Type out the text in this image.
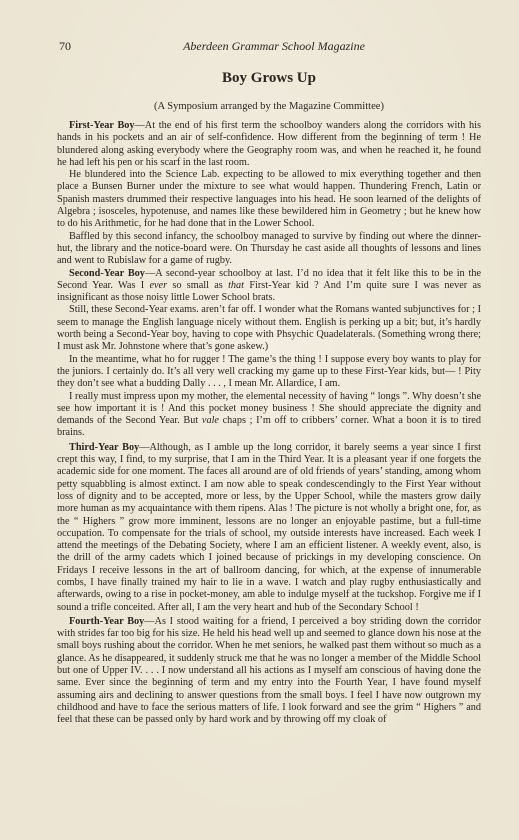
70	Aberdeen Grammar School Magazine
Boy Grows Up

(A Symposium arranged by the Magazine Committee)

First-Year Boy—At the end of his first term the schoolboy wanders along the corridors with his hands in his pockets and an air of self-confidence. How different from the beginning of term ! He blundered along asking everybody where the Geography room was, and when he reached it, he found he had left his pen or his scarf in the last room.

He blundered into the Science Lab. expecting to be allowed to mix everything together and then place a Bunsen Burner under the mixture to see what would happen. Thundering French, Latin or Spanish masters drummed their respective languages into his head. He soon learned of the delights of Algebra ; isosceles, hypotenuse, and names like these bewildered him in Geometry ; but he knew how to do his Arithmetic, for he had done that in the Lower School.

Baffled by this second infancy, the schoolboy managed to survive by finding out where the dinner-hut, the library and the notice-board were. On Thursday he cast aside all thoughts of lessons and lines and went to Rubislaw for a game of rugby.

Second-Year Boy—A second-year schoolboy at last. I’d no idea that it felt like this to be in the Second Year. Was I ever so small as that First-Year kid ? And I’m quite sure I was never as insignificant as those noisy little Lower School brats.

Still, these Second-Year exams. aren’t far off. I wonder what the Romans wanted subjunctives for ; I seem to manage the English language nicely without them. English is perking up a bit; but, it’s hardly worth being a Second-Year boy, having to cope with Phsychic Quadelaterals. (Something wrong there; I must ask Mr. Johnstone where that’s gone askew.)

In the meantime, what ho for rugger ! The game’s the thing ! I suppose every boy wants to play for the juniors. I certainly do. It’s all very well cracking my game up to these First-Year kids, but— ! Pity they don’t see what a budding Dally . . . , I mean Mr. Allardice, I am.

I really must impress upon my mother, the elemental necessity of having “ longs ”. Why doesn’t she see how important it is ! And this pocket money business ! She should appreciate the dignity and demands of the Second Year. But vale chaps ; I’m off to cribbers’ corner. What a boon it is to tired brains.

Third-Year Boy—Although, as I amble up the long corridor, it barely seems a year since I first crept this way, I find, to my surprise, that I am in the Third Year. It is a pleasant year if one forgets the academic side for one moment. The faces all around are of old friends of years’ standing, among whom petty squabbling is almost extinct. I am now able to speak condescendingly to the First Year without loss of dignity and to be accepted, more or less, by the Upper School, while the masters grow daily more human as my acquaintance with them ripens. Alas ! The picture is not wholly a bright one, for, as the “ Highers ” grow more imminent, lessons are no longer an enjoyable pastime, but a full-time occupation. To compensate for the trials of school, my outside interests have increased. Each week I attend the meetings of the Debating Society, where I am an efficient listener. A weekly event, also, is the drill of the army cadets which I joined because of prickings in my developing conscience. On Fridays I receive lessons in the art of ballroom dancing, for which, at the expense of innumerable combs, I have finally trained my hair to lie in a wave. I watch and play rugby enthusiastically and afterwards, owing to a rise in pocket-money, am able to indulge myself at the tuckshop. Forgive me if I sound a trifle conceited. After all, I am the very heart and hub of the Secondary School !

Fourth-Year Boy—As I stood waiting for a friend, I perceived a boy striding down the corridor with strides far too big for his size. He held his head well up and seemed to glance down his nose at the small boys rushing about the corridor. When he met seniors, he walked past them without so much as a glance. As he disappeared, it suddenly struck me that he was no longer a member of the Middle School but one of Upper IV. . . . I now understand all his actions as I myself am conscious of having done the same. Ever since the beginning of term and my entry into the Fourth Year, I have found myself assuming airs and declining to answer questions from the small boys. I feel I have now outgrown my childhood and have to face the serious matters of life. I look forward and see the grim “ Highers ” and feel that these can be passed only by hard work and by throwing off my cloak of
